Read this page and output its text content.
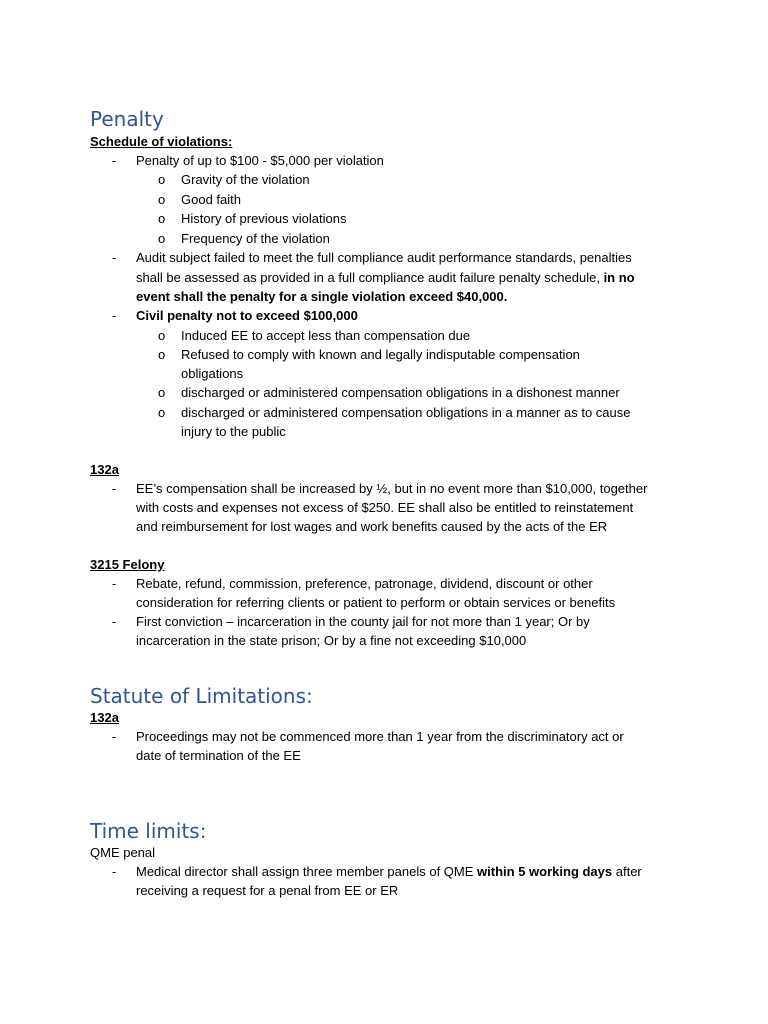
Penalty
Schedule of violations:
-	Penalty of up to $100 - $5,000 per violation
o Gravity of the violation
o Good faith
o History of previous violations
o Frequency of the violation
-	Audit subject failed to meet the full compliance audit performance standards, penalties
shall be assessed as provided in a full compliance audit failure penalty schedule, in no
event shall the penalty for a single violation exceed $40,000.
-	Civil penalty not to exceed $100,000
o Induced EE to accept less than compensation due
o Refused to comply with known and legally indisputable compensation
obligations
o discharged or administered compensation obligations in a dishonest manner
o discharged or administered compensation obligations in a manner as to cause
injury to the public
132a
-	EE’s compensation shall be increased by ½, but in no event more than $10,000, together
with costs and expenses not excess of $250. EE shall also be entitled to reinstatement
and reimbursement for lost wages and work benefits caused by the acts of the ER
3215 Felony
-	Rebate, refund, commission, preference, patronage, dividend, discount or other
consideration for referring clients or patient to perform or obtain services or benefits
-	First conviction – incarceration in the county jail for not more than 1 year; Or by
incarceration in the state prison; Or by a fine not exceeding $10,000
Statute of Limitations:
132a
-	Proceedings may not be commenced more than 1 year from the discriminatory act or
date of termination of the EE
Time limits:
QME penal
-	Medical director shall assign three member panels of QME within 5 working days after
receiving a request for a penal from EE or ER
